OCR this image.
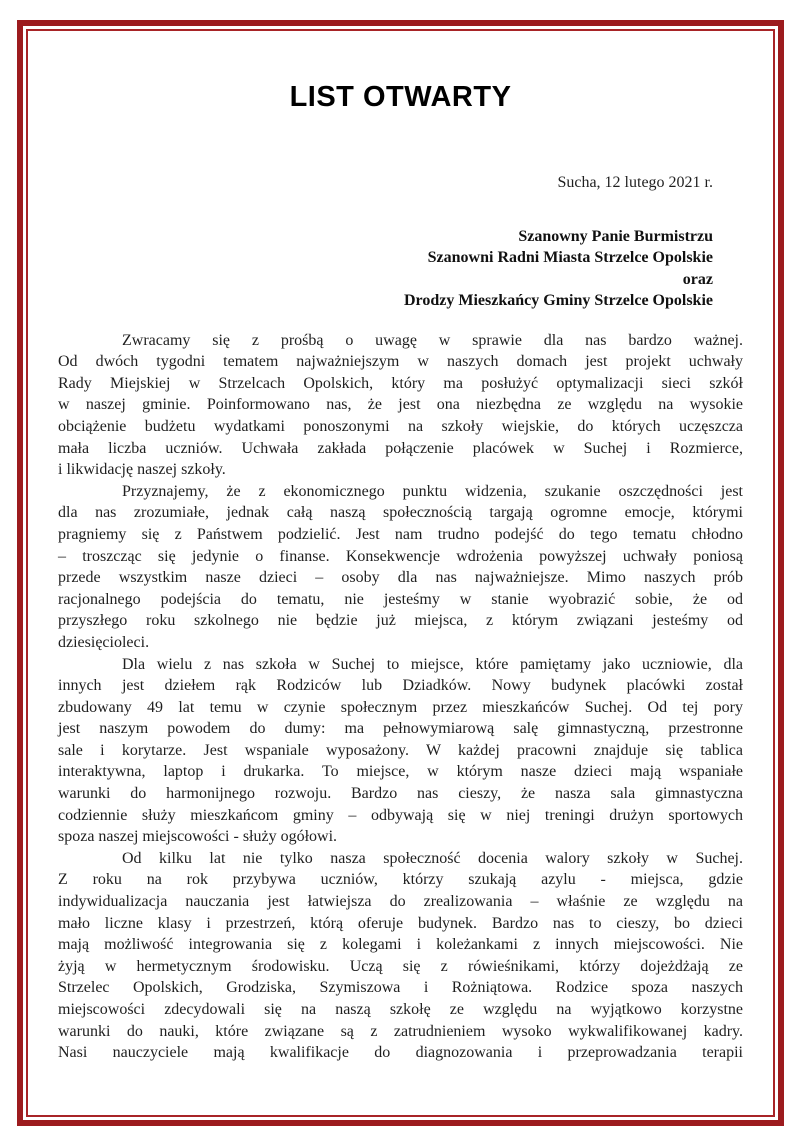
LIST OTWARTY
Sucha, 12 lutego 2021 r.
Szanowny Panie Burmistrzu
Szanowni Radni Miasta Strzelce Opolskie
oraz
Drodzy Mieszkańcy Gminy Strzelce Opolskie
Zwracamy się z prośbą o uwagę w sprawie dla nas bardzo ważnej.
Od dwóch tygodni tematem najważniejszym w naszych domach jest projekt uchwały
Rady Miejskiej w Strzelcach Opolskich, który ma posłużyć optymalizacji sieci szkół
w naszej gminie. Poinformowano nas, że jest ona niezbędna ze względu na wysokie
obciążenie budżetu wydatkami ponoszonymi na szkoły wiejskie, do których uczęszcza
mała liczba uczniów. Uchwała zakłada połączenie placówek w Suchej i Rozmierce,
i likwidację naszej szkoły.
Przyznajemy, że z ekonomicznego punktu widzenia, szukanie oszczędności jest
dla nas zrozumiałe, jednak całą naszą społecznością targają ogromne emocje, którymi
pragniemy się z Państwem podzielić. Jest nam trudno podejść do tego tematu chłodno
– troszcząc się jedynie o finanse. Konsekwencje wdrożenia powyższej uchwały poniosą
przede wszystkim nasze dzieci – osoby dla nas najważniejsze. Mimo naszych prób
racjonalnego podejścia do tematu, nie jesteśmy w stanie wyobrazić sobie, że od
przyszłego roku szkolnego nie będzie już miejsca, z którym związani jesteśmy od
dziesięcioleci.
Dla wielu z nas szkoła w Suchej to miejsce, które pamiętamy jako uczniowie, dla
innych jest dziełem rąk Rodziców lub Dziadków. Nowy budynek placówki został
zbudowany 49 lat temu w czynie społecznym przez mieszkańców Suchej. Od tej pory
jest naszym powodem do dumy: ma pełnowymiarową salę gimnastyczną, przestronne
sale i korytarze. Jest wspaniale wyposażony. W każdej pracowni znajduje się tablica
interaktywna, laptop i drukarka. To miejsce, w którym nasze dzieci mają wspaniałe
warunki do harmonijnego rozwoju. Bardzo nas cieszy, że nasza sala gimnastyczna
codziennie służy mieszkańcom gminy – odbywają się w niej treningi drużyn sportowych
spoza naszej miejscowości - służy ogółowi.
Od kilku lat nie tylko nasza społeczność docenia walory szkoły w Suchej.
Z roku na rok przybywa uczniów, którzy szukają azylu - miejsca, gdzie
indywidualizacja nauczania jest łatwiejsza do zrealizowania – właśnie ze względu na
mało liczne klasy i przestrzeń, którą oferuje budynek. Bardzo nas to cieszy, bo dzieci
mają możliwość integrowania się z kolegami i koleżankami z innych miejscowości. Nie
żyją w hermetycznym środowisku. Uczą się z rówieśnikami, którzy dojeżdżają ze
Strzelec Opolskich, Grodziska, Szymiszowa i Rożniątowa. Rodzice spoza naszych
miejscowości zdecydowali się na naszą szkołę ze względu na wyjątkowo korzystne
warunki do nauki, które związane są z zatrudnieniem wysoko wykwalifikowanej kadry.
Nasi nauczyciele mają kwalifikacje do diagnozowania i przeprowadzania terapii
